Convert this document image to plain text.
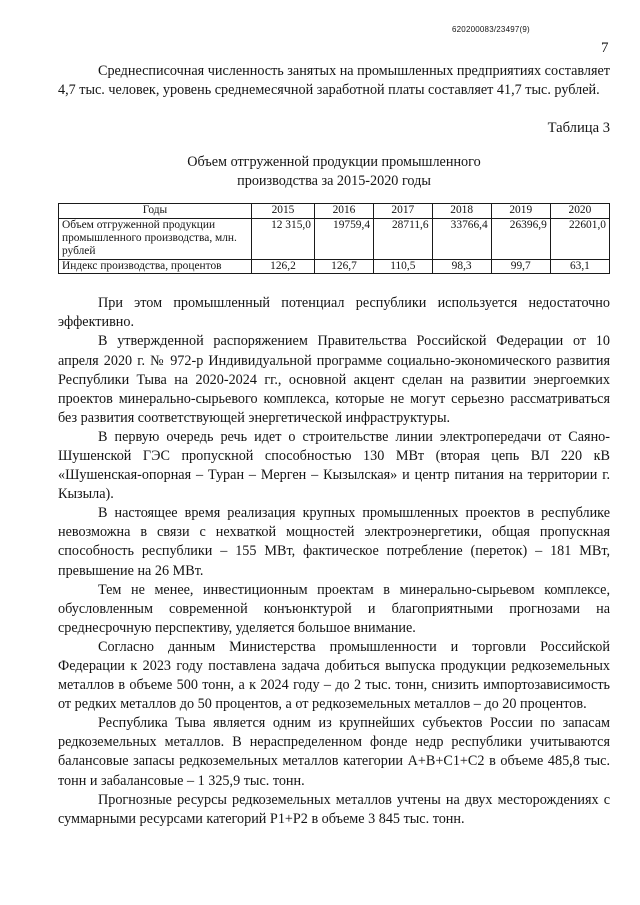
620200083/23497(9)
7

Среднесписочная численность занятых на промышленных предприятиях составляет 4,7 тыс. человек, уровень среднемесячной заработной платы составляет 41,7 тыс. рублей.

Таблица 3
Объем отгруженной продукции промышленного
производства за 2015-2020 годы
Годы	2015	2016	2017	2018	2019	2020
Объем отгруженной продукции промышленного производства, млн. рублей	12 315,0	19759,4	28711,6	33766,4	26396,9	22601,0
Индекс производства, процентов	126,2	126,7	110,5	98,3	99,7	63,1

При этом промышленный потенциал республики используется недостаточно эффективно.

В утвержденной распоряжением Правительства Российской Федерации от 10 апреля 2020 г. № 972-р Индивидуальной программе социально-экономического развития Республики Тыва на 2020-2024 гг., основной акцент сделан на развитии энергоемких проектов минерально-сырьевого комплекса, которые не могут серьезно рассматриваться без развития соответствующей энергетической инфраструктуры.

В первую очередь речь идет о строительстве линии электропередачи от Саяно-Шушенской ГЭС пропускной способностью 130 МВт (вторая цепь ВЛ 220 кВ «Шушенская-опорная – Туран – Мерген – Кызылская» и центр питания на территории г. Кызыла).

В настоящее время реализация крупных промышленных проектов в республике невозможна в связи с нехваткой мощностей электроэнергетики, общая пропускная способность республики – 155 МВт, фактическое потребление (переток) – 181 МВт, превышение на 26 МВт.

Тем не менее, инвестиционным проектам в минерально-сырьевом комплексе, обусловленным современной конъюнктурой и благоприятными прогнозами на среднесрочную перспективу, уделяется большое внимание.

Согласно данным Министерства промышленности и торговли Российской Федерации к 2023 году поставлена задача добиться выпуска продукции редкоземельных металлов в объеме 500 тонн, а к 2024 году – до 2 тыс. тонн, снизить импортозависимость от редких металлов до 50 процентов, а от редкоземельных металлов – до 20 процентов.

Республика Тыва является одним из крупнейших субъектов России по запасам редкоземельных металлов. В нераспределенном фонде недр республики учитываются балансовые запасы редкоземельных металлов категории А+В+С1+С2 в объеме 485,8 тыс. тонн и забалансовые – 1 325,9 тыс. тонн.

Прогнозные ресурсы редкоземельных металлов учтены на двух месторождениях с суммарными ресурсами категорий Р1+Р2 в объеме 3 845 тыс. тонн.
